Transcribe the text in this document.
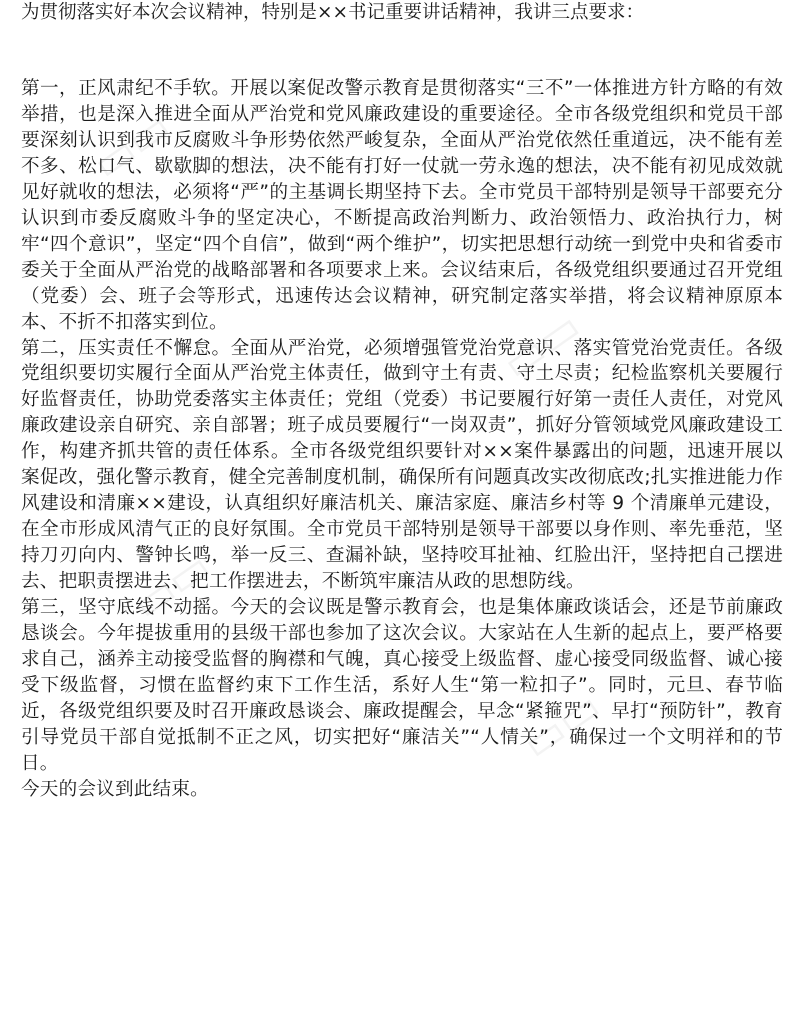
▭▭
▭▭
▭▭
▭▭

为贯彻落实好本次会议精神，特别是××书记重要讲话精神，我讲三点要求：

第一，正风肃纪不手软。开展以案促改警示教育是贯彻落实“三不”一体推进方针方略的有效举措，也是深入推进全面从严治党和党风廉政建设的重要途径。全市各级党组织和党员干部要深刻认识到我市反腐败斗争形势依然严峻复杂，全面从严治党依然任重道远，决不能有差不多、松口气、歇歇脚的想法，决不能有打好一仗就一劳永逸的想法，决不能有初见成效就见好就收的想法，必须将“严”的主基调长期坚持下去。全市党员干部特别是领导干部要充分认识到市委反腐败斗争的坚定决心，不断提高政治判断力、政治领悟力、政治执行力，树牢“四个意识”，坚定“四个自信”，做到“两个维护”，切实把思想行动统一到党中央和省委市委关于全面从严治党的战略部署和各项要求上来。会议结束后，各级党组织要通过召开党组（党委）会、班子会等形式，迅速传达会议精神，研究制定落实举措，将会议精神原原本本、不折不扣落实到位。

第二，压实责任不懈怠。全面从严治党，必须增强管党治党意识、落实管党治党责任。各级党组织要切实履行全面从严治党主体责任，做到守土有责、守土尽责；纪检监察机关要履行好监督责任，协助党委落实主体责任；党组（党委）书记要履行好第一责任人责任，对党风廉政建设亲自研究、亲自部署；班子成员要履行“一岗双责”，抓好分管领域党风廉政建设工作，构建齐抓共管的责任体系。全市各级党组织要针对××案件暴露出的问题，迅速开展以案促改，强化警示教育，健全完善制度机制，确保所有问题真改实改彻底改;扎实推进能力作风建设和清廉××建设，认真组织好廉洁机关、廉洁家庭、廉洁乡村等 9 个清廉单元建设，在全市形成风清气正的良好氛围。全市党员干部特别是领导干部要以身作则、率先垂范，坚持刀刃向内、警钟长鸣，举一反三、查漏补缺，坚持咬耳扯袖、红脸出汗，坚持把自己摆进去、把职责摆进去、把工作摆进去，不断筑牢廉洁从政的思想防线。

第三，坚守底线不动摇。今天的会议既是警示教育会，也是集体廉政谈话会，还是节前廉政恳谈会。今年提拔重用的县级干部也参加了这次会议。大家站在人生新的起点上，要严格要求自己，涵养主动接受监督的胸襟和气魄，真心接受上级监督、虚心接受同级监督、诚心接受下级监督，习惯在监督约束下工作生活，系好人生“第一粒扣子”。同时，元旦、春节临近，各级党组织要及时召开廉政恳谈会、廉政提醒会，早念“紧箍咒”、早打“预防针”，教育引导党员干部自觉抵制不正之风，切实把好“廉洁关”“人情关”，确保过一个文明祥和的节日。

今天的会议到此结束。
